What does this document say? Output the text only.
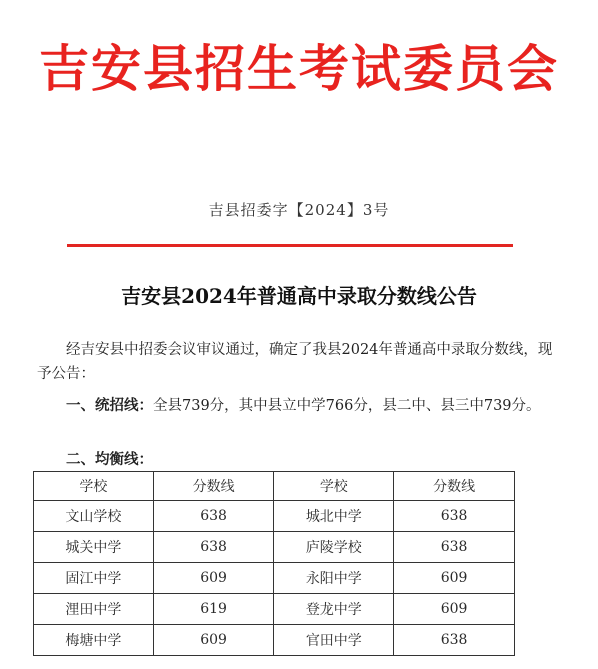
吉安县招生考试委员会
吉县招委字【2024】3号
吉安县2024年普通高中录取分数线公告
经吉安县中招委会议审议通过，确定了我县2024年普通高中录取分数线，现予公告：
一、统招线：全县739分，其中县立中学766分，县二中、县三中739分。
二、均衡线：
学校	分数线	学校	分数线
文山学校	638	城北中学	638
城关中学	638	庐陵学校	638
固江中学	609	永阳中学	609
浬田中学	619	登龙中学	609
梅塘中学	609	官田中学	638
